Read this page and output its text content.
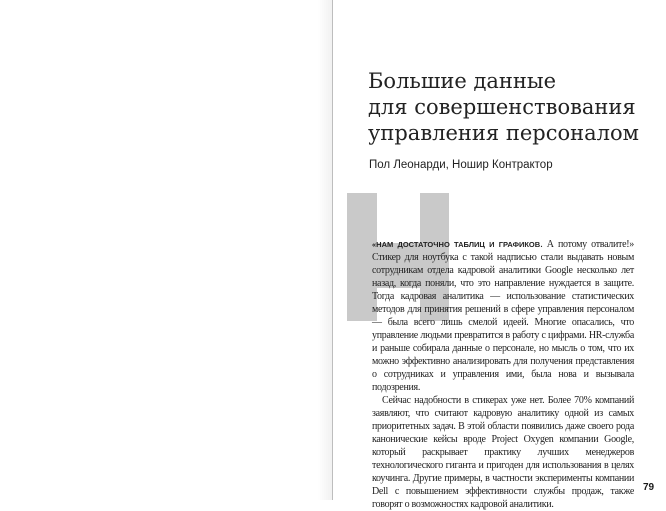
Большие данные
для совершенствования
управления персоналом
Пол Леонарди, Ношир Контрактор

«НАМ ДОСТАТОЧНО ТАБЛИЦ И ГРАФИКОВ. А потому отвалите!» Стикер для ноутбука с такой надписью стали выдавать новым сотрудникам отдела кадровой аналитики Google несколько лет назад, когда поняли, что это направление нуждается в защите. Тогда кадровая аналитика — использование статистических методов для принятия решений в сфере управления персоналом — была всего лишь смелой идеей. Многие опасались, что управление людьми превратится в работу с цифрами. HR-служба и раньше собирала данные о персонале, но мысль о том, что их можно эффективно анализировать для получения представления о сотрудниках и управления ими, была нова и вызывала подозрения.

Сейчас надобности в стикерах уже нет. Более 70% компаний заявляют, что считают кадровую аналитику одной из самых приоритетных задач. В этой области появились даже своего рода канонические кейсы вроде Project Oxygen компании Google, который раскрывает практику лучших менеджеров технологического гиганта и пригоден для использования в целях коучинга. Другие примеры, в частности эксперименты компании Dell с повышением эффективности службы продаж, также говорят о возможностях кадровой аналитики.

79
